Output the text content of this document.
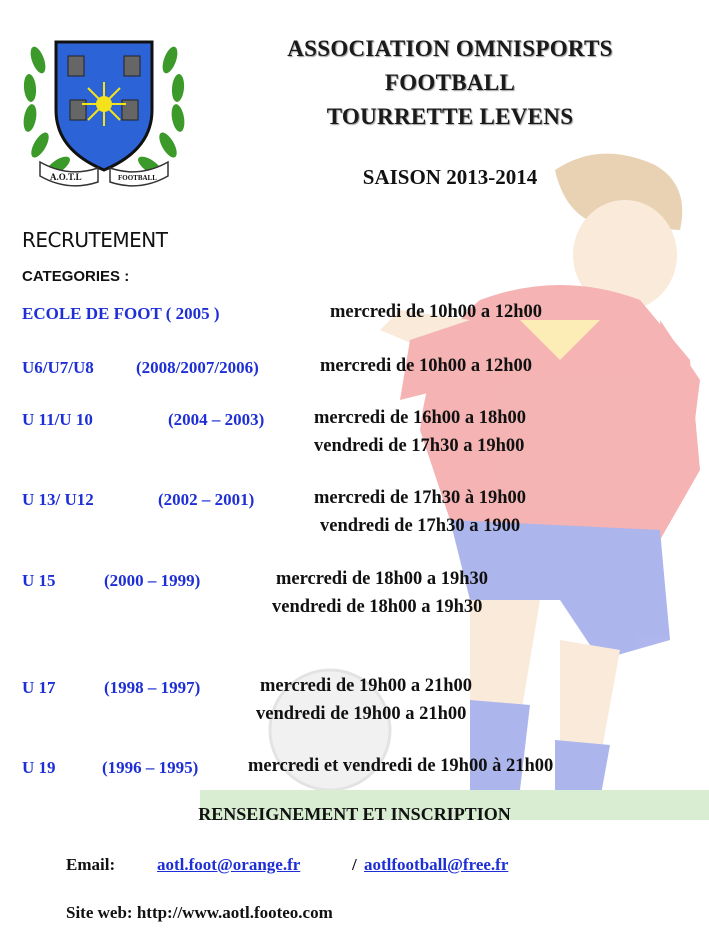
A.O.T.L	FOOTBALL
ASSOCIATION OMNISPORTS
FOOTBALL
TOURRETTE LEVENS
SAISON 2013-2014
RECRUTEMENT
CATEGORIES :
ECOLE DE FOOT ( 2005 )	mercredi de 10h00 a 12h00
U6/U7/U8 (2008/2007/2006)	mercredi de 10h00 a 12h00
U 11/U 10	(2004 – 2003)	mercredi de 16h00 a 18h00
vendredi de 17h30 a 19h00
U 13/ U12	(2002 – 2001)	mercredi de 17h30 à 19h00
vendredi de 17h30 a 1900
U 15	(2000 – 1999)	mercredi de 18h00 a 19h30
vendredi de 18h00 a 19h30
U 17	(1998 – 1997)	mercredi de 19h00 a 21h00
vendredi de 19h00 a 21h00
U 19	(1996 – 1995)	mercredi et vendredi de 19h00 à 21h00
RENSEIGNEMENT ET INSCRIPTION
Email: aotl.foot@orange.fr	/ aotlfootball@free.fr
Site web: http://www.aotl.footeo.com
